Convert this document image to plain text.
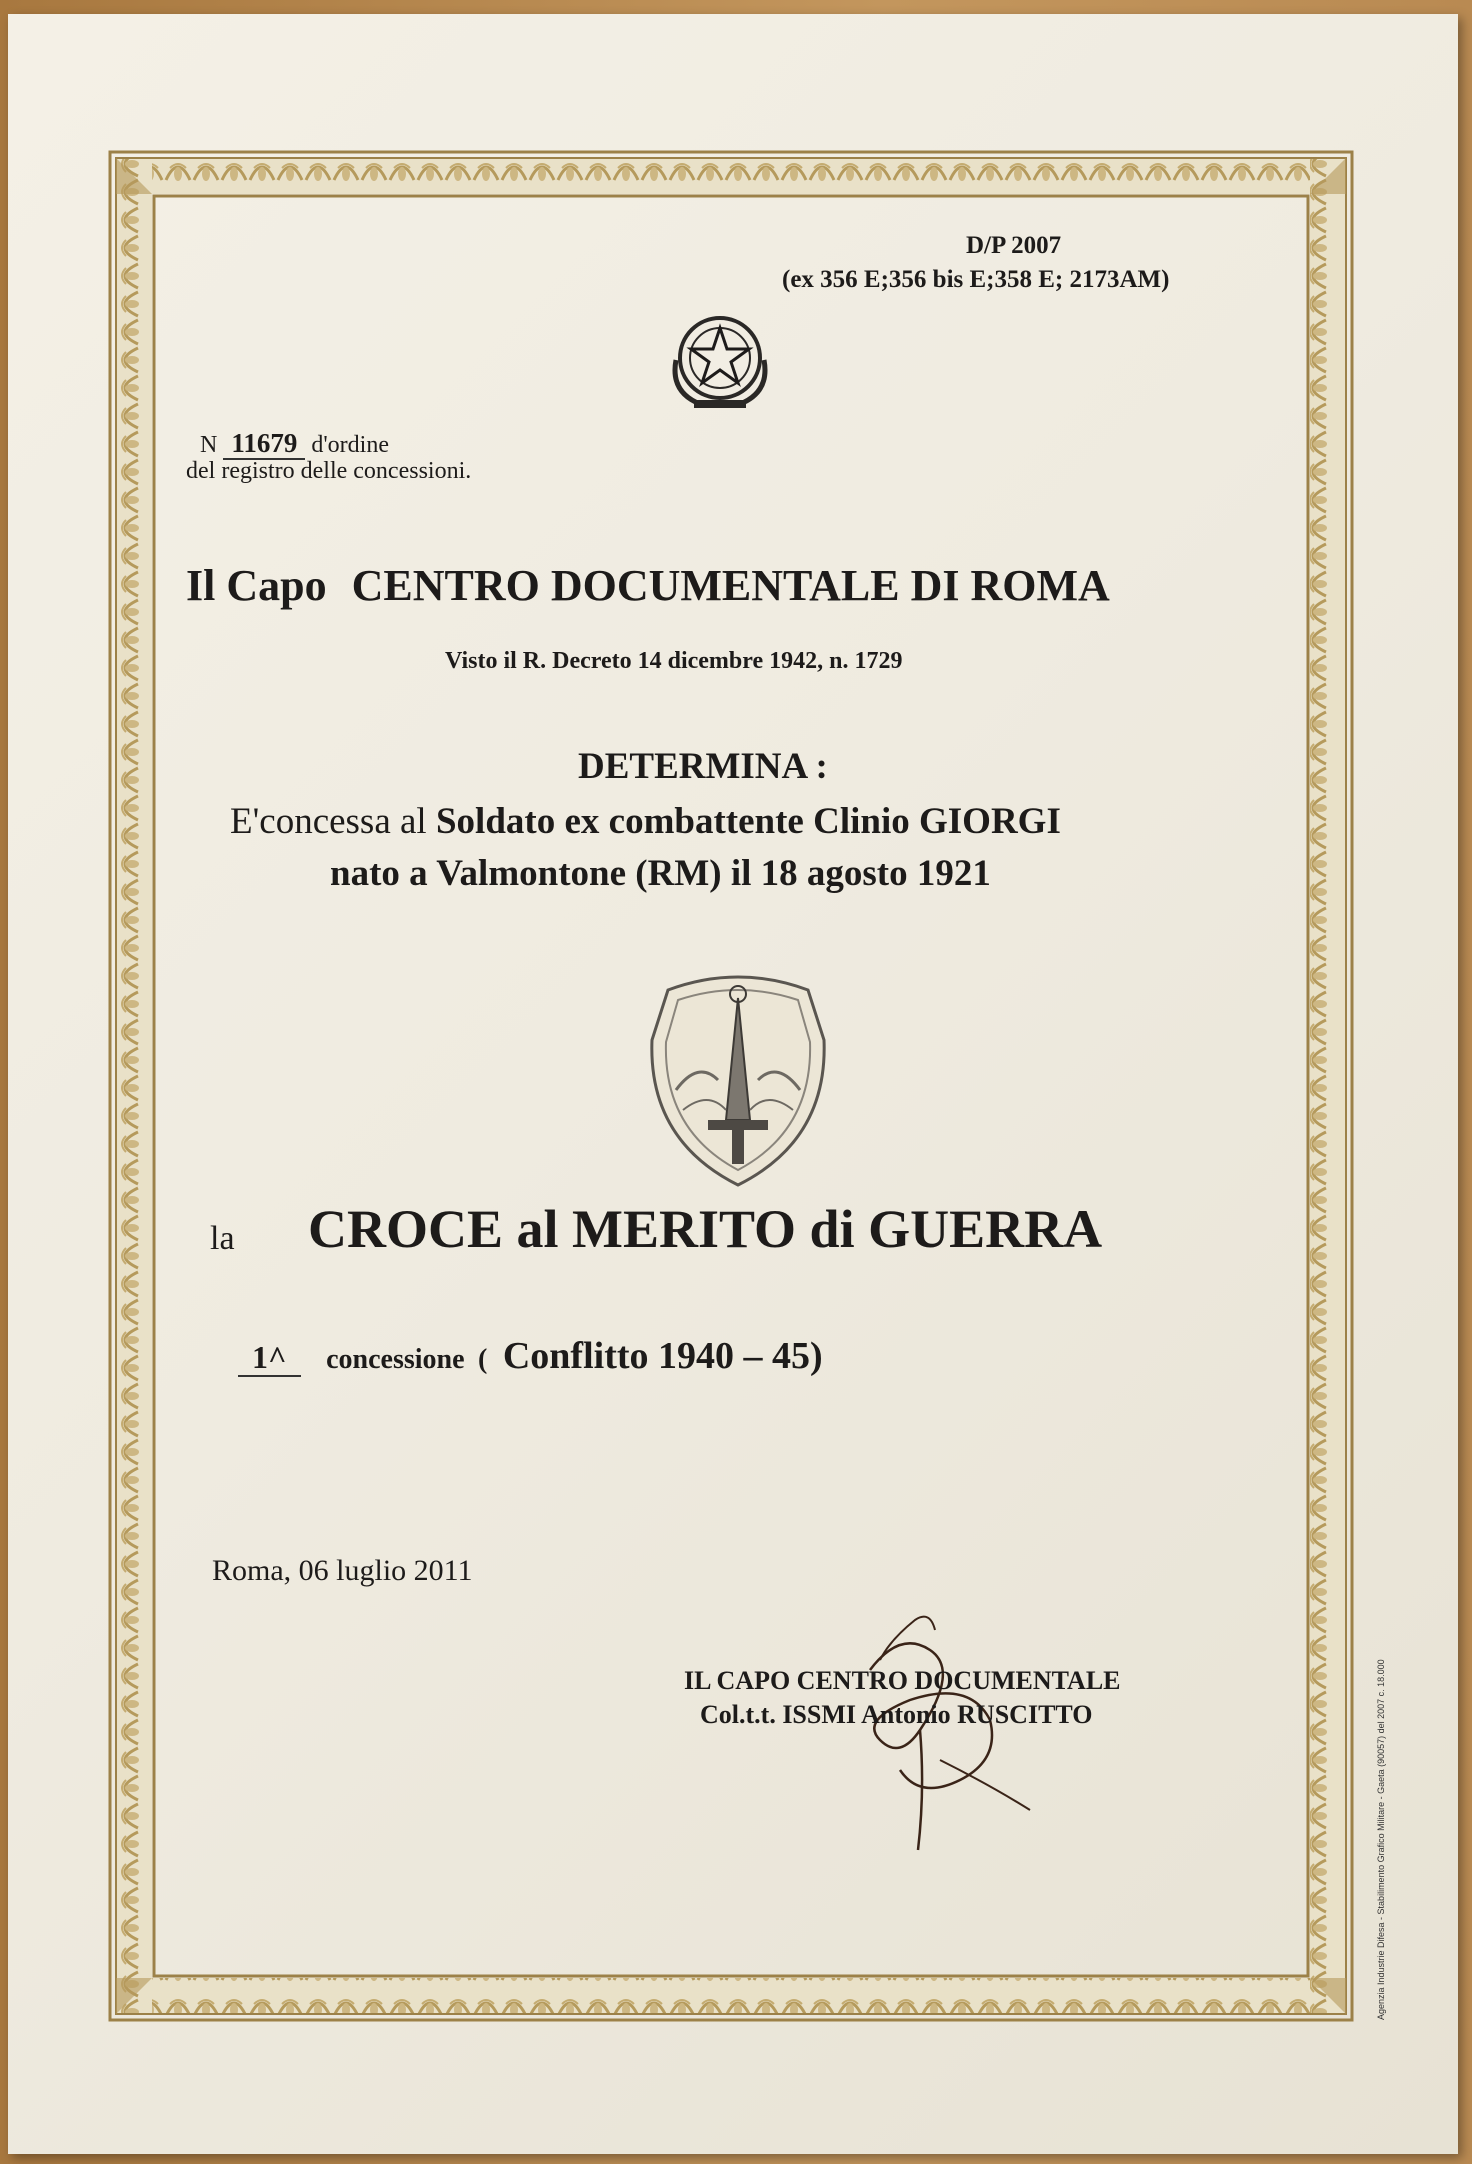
D/P 2007
(ex 356 E;356 bis E;358 E; 2173AM)
N 11679 d'ordine
del registro delle concessioni.
Il Capo CENTRO DOCUMENTALE DI ROMA
Visto il R. Decreto 14 dicembre 1942, n. 1729
DETERMINA :
E'concessa al Soldato ex combattente Clinio GIORGI
nato a Valmontone (RM) il 18 agosto 1921
la CROCE al MERITO di GUERRA
1^ concessione ( Conflitto 1940 – 45)
Roma, 06 luglio 2011
IL CAPO CENTRO DOCUMENTALE
Col.t.t. ISSMI Antonio RUSCITTO	Agenzia Industrie Difesa - Stabilimento Grafico Militare - Gaeta (90057) del 2007 c. 18.000
